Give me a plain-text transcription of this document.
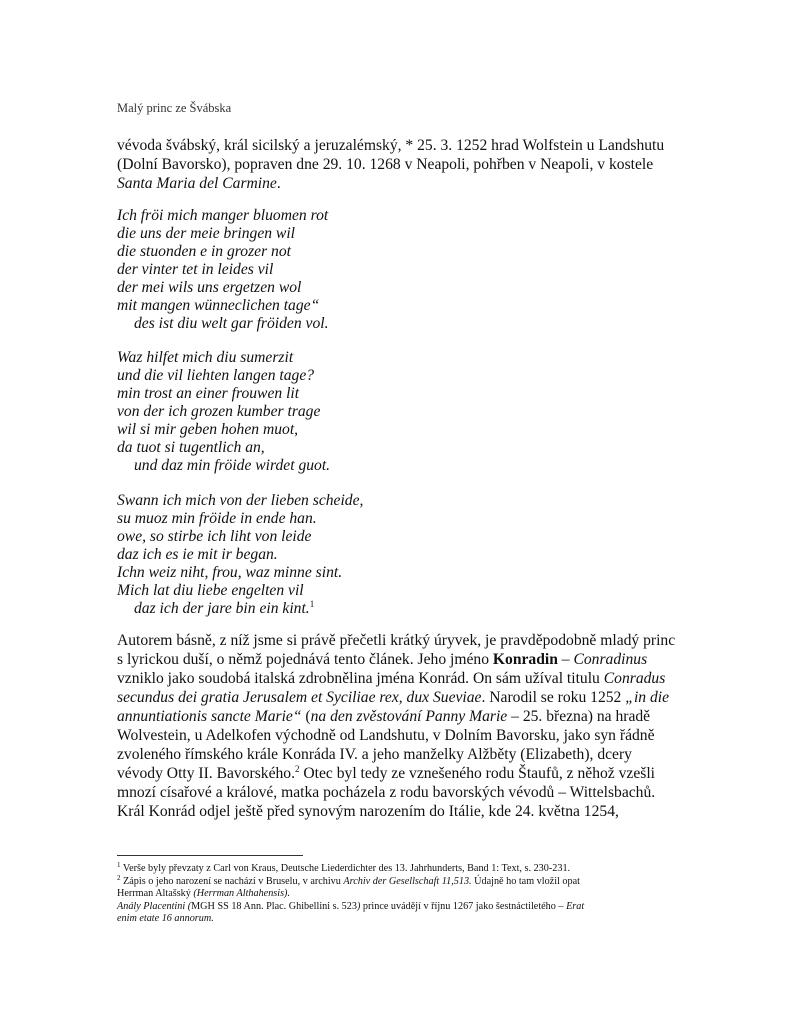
Malý princ ze Švábska
vévoda švábský, král sicilský a jeruzalémský, * 25. 3. 1252 hrad Wolfstein u Landshutu
(Dolní Bavorsko), popraven dne 29. 10. 1268 v Neapoli, pohřben v Neapoli, v kostele
Santa Maria del Carmine.
Ich fröi mich manger bluomen rot
die uns der meie bringen wil
die stuonden e in grozer not
der vinter tet in leides vil
der mei wils uns ergetzen wol
mit mangen wünneclichen tage“
des ist diu welt gar fröiden vol.
Waz hilfet mich diu sumerzit
und die vil liehten langen tage?
min trost an einer frouwen lit
von der ich grozen kumber trage
wil si mir geben hohen muot,
da tuot si tugentlich an,
und daz min fröide wirdet guot.
Swann ich mich von der lieben scheide,
su muoz min fröide in ende han.
owe, so stirbe ich liht von leide
daz ich es ie mit ir began.
Ichn weiz niht, frou, waz minne sint.
Mich lat diu liebe engelten vil
daz ich der jare bin ein kint.$^1$
Autorem básně, z níž jsme si právě přečetli krátký úryvek, je pravděpodobně mladý princ
s lyrickou duší, o němž pojednává tento článek. Jeho jméno Konradin – Conradinus
vzniklo jako soudobá italská zdrobnělina jména Konrád. On sám užíval titulu Conradus
secundus dei gratia Jerusalem et Syciliae rex, dux Sueviae. Narodil se roku 1252 „in die
annuntiationis sancte Marie“ (na den zvěstování Panny Marie – 25. března) na hradě
Wolvestein, u Adelkofen východně od Landshutu, v Dolním Bavorsku, jako syn řádně
zvoleného římského krále Konráda IV. a jeho manželky Alžběty (Elizabeth), dcery
vévody Otty II. Bavorského.$^2$ Otec byl tedy ze vznešeného rodu Štaufů, z něhož vzešli
mnozí císařové a králové, matka pocházela z rodu bavorských vévodů – Wittelsbachů.
Král Konrád odjel ještě před synovým narozením do Itálie, kde 24. května 1254,
$^1$ Verše byly převzaty z Carl von Kraus, Deutsche Liederdichter des 13. Jahrhunderts, Band 1: Text, s. 230-231.
$^2$ Zápis o jeho narození se nachází v Bruselu, v archivu Archiv der Gesellschaft 11,513. Údajně ho tam vložil opat
Herrman Altašský (Herrman Althahensis).
Anály Placentini (MGH SS 18 Ann. Plac. Ghibellini s. 523) prince uvádějí v říjnu 1267 jako šestnáctiletého – Erat
enim etate 16 annorum.
